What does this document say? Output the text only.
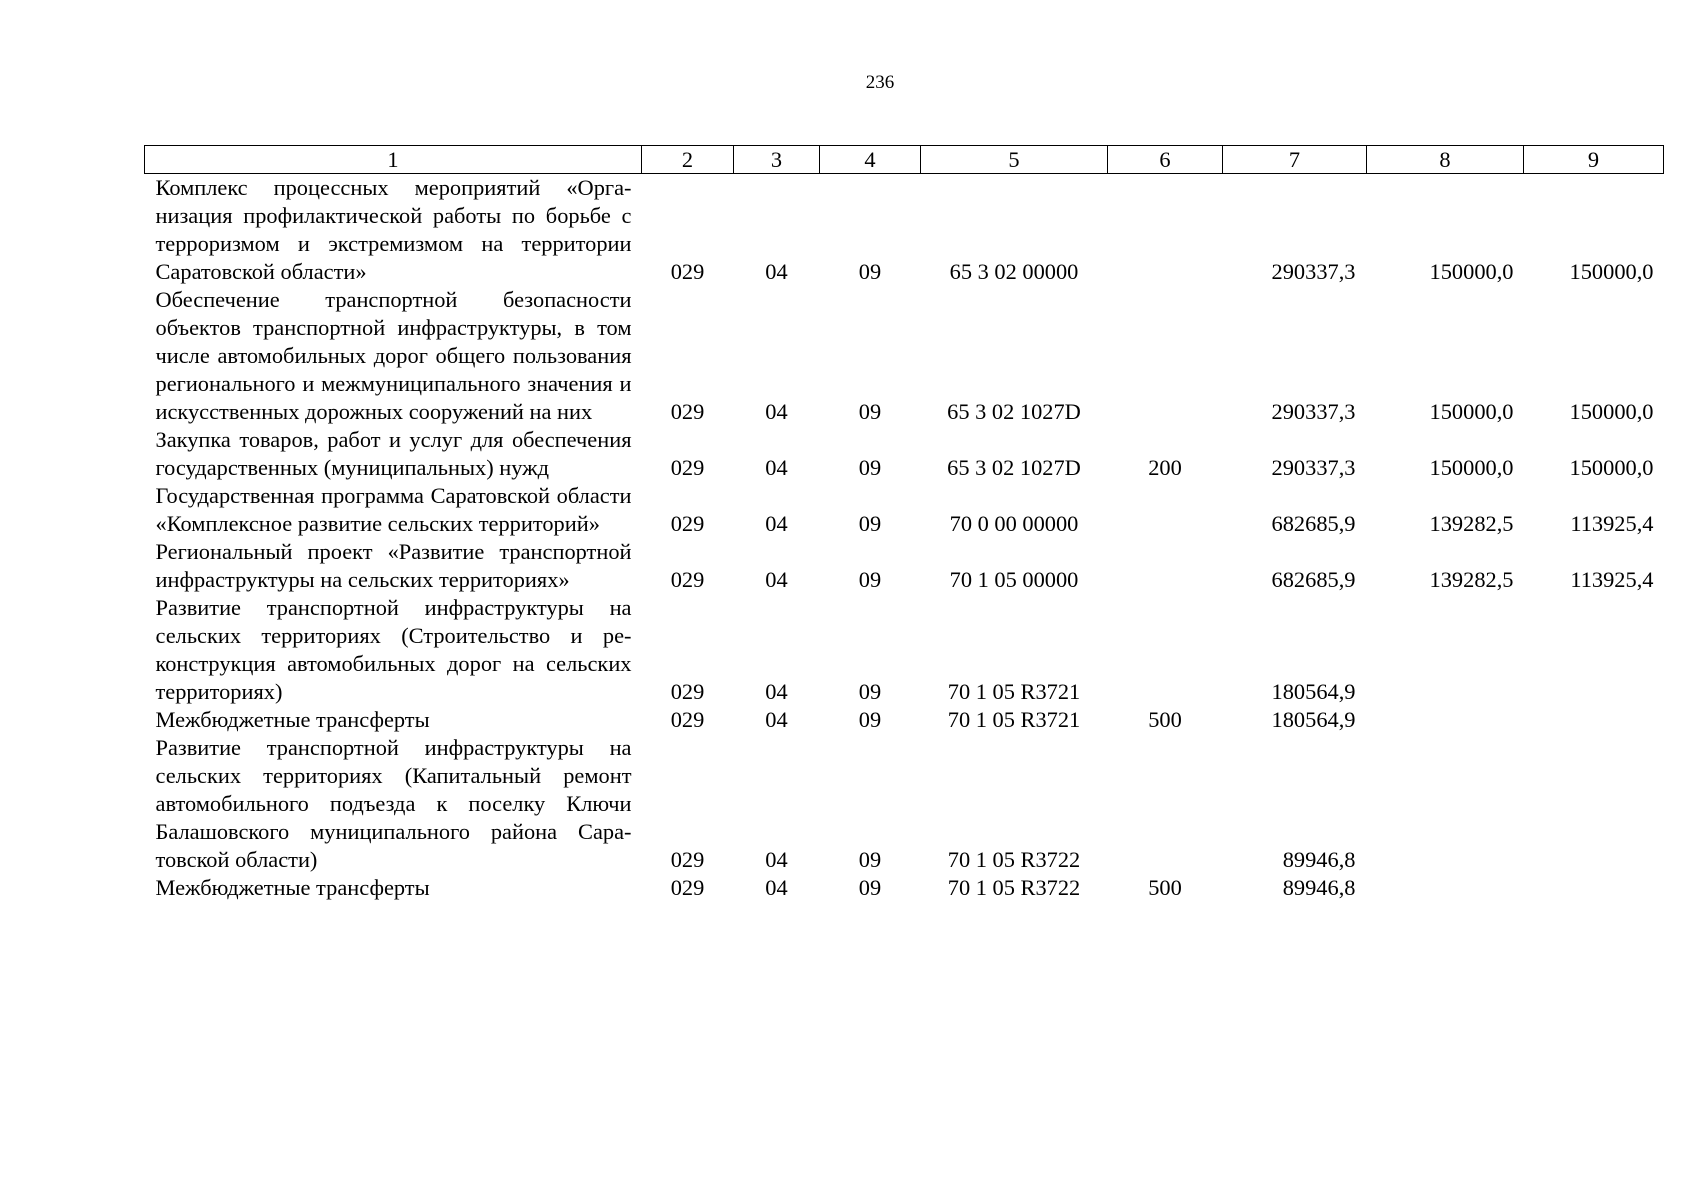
236
1	2	3	4	5	6	7	8	9
Комплекс процессных мероприятий «Организация профилактической работы по борьбе с терроризмом и экстремизмом на территории Саратовской области»	029	04	09	65 3 02 00000		290337,3	150000,0	150000,0
Обеспечение транспортной безопасности объектов транспортной инфраструктуры, в том числе автомобильных дорог общего пользования регионального и межмуниципального значения и искусственных дорожных сооружений на них	029	04	09	65 3 02 1027D		290337,3	150000,0	150000,0
Закупка товаров, работ и услуг для обеспечения государственных (муниципальных) нужд	029	04	09	65 3 02 1027D	200	290337,3	150000,0	150000,0
Государственная программа Саратовской области «Комплексное развитие сельских территорий»	029	04	09	70 0 00 00000		682685,9	139282,5	113925,4
Региональный проект «Развитие транспортной инфраструктуры на сельских территориях»	029	04	09	70 1 05 00000		682685,9	139282,5	113925,4
Развитие транспортной инфраструктуры на сельских территориях (Строительство и реконструкция автомобильных дорог на сельских территориях)	029	04	09	70 1 05 R3721		180564,9		
Межбюджетные трансферты	029	04	09	70 1 05 R3721	500	180564,9		
Развитие транспортной инфраструктуры на сельских территориях (Капитальный ремонт автомобильного подъезда к поселку Ключи Балашовского муниципального района Саратовской области)	029	04	09	70 1 05 R3722		89946,8		
Межбюджетные трансферты	029	04	09	70 1 05 R3722	500	89946,8		
